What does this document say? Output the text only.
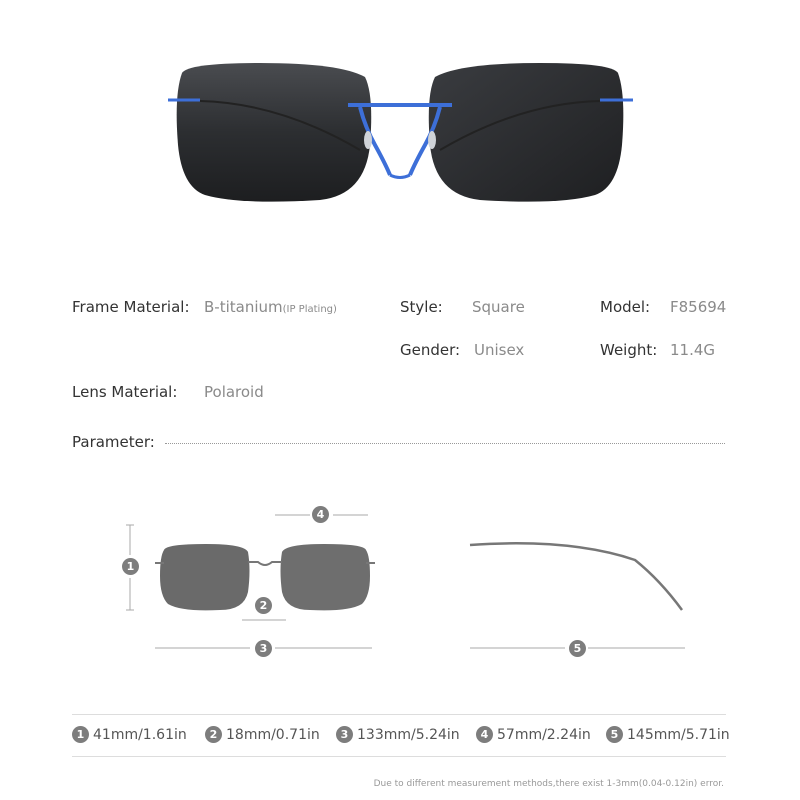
Frame Material: B-titanium(IP Plating)	Style: Square	Model: F85694
Gender: Unisex	Weight: 11.4G
Lens Material: Polaroid
Parameter:
1
2
3
4
5
1 41mm/1.61in	2 18mm/0.71in	3 133mm/5.24in	4 57mm/2.24in	5 145mm/5.71in
Due to different measurement methods,there exist 1-3mm(0.04-0.12in) error.
